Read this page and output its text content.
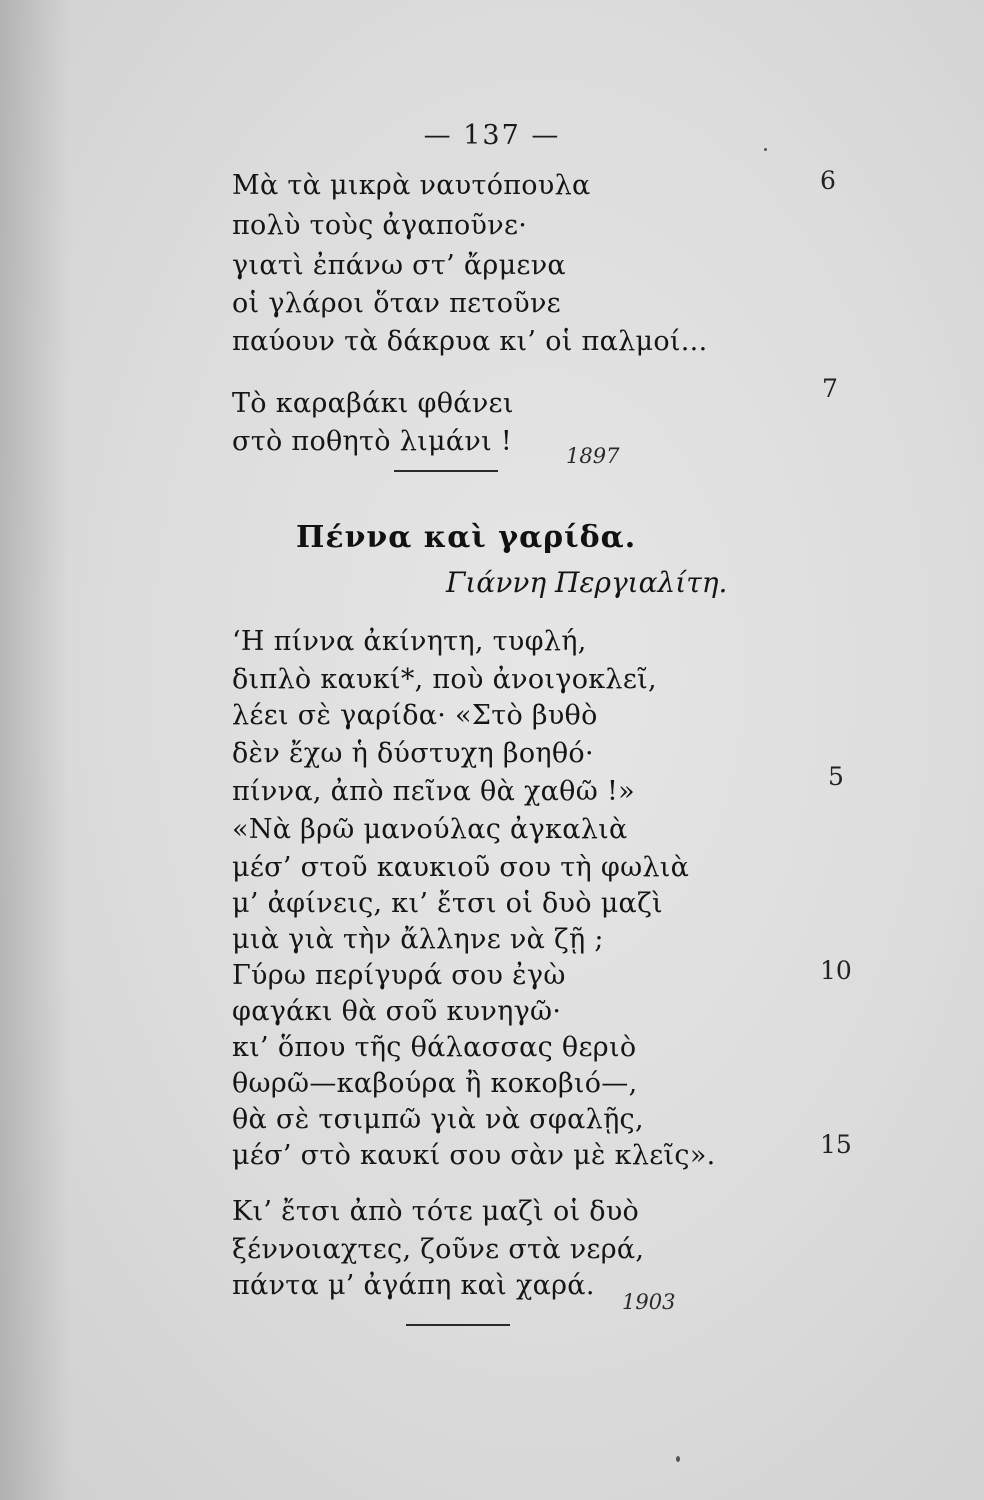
— 137 —
Μὰ τὰ μικρὰ ναυτόπουλα
πολὺ τοὺς ἀγαποῦνε·
γιατὶ ἐπάνω στ’ ἄρμενα
οἱ γλάροι ὅταν πετοῦνε
παύουν τὰ δάκρυα κι’ οἱ παλμοί...
Τὸ καραβάκι φθάνει
στὸ ποθητὸ λιμάνι !
6
7
1897
Πέννα καὶ γαρίδα.
Γιάννη Περγιαλίτη.
‘Η πίννα ἀκίνητη, τυφλή,
διπλὸ καυκί*, ποὺ ἀνοιγοκλεῖ,
λέει σὲ γαρίδα· «Στὸ βυθὸ
δὲν ἔχω ἡ δύστυχη βοηθό·
πίννα, ἀπὸ πεῖνα θὰ χαθῶ !»
«Νὰ βρῶ μανούλας ἀγκαλιὰ
μέσ’ στοῦ καυκιοῦ σου τὴ φωλιὰ
μ’ ἀφίνεις, κι’ ἔτσι οἱ δυὸ μαζὶ
μιὰ γιὰ τὴν ἄλληνε νὰ ζῇ ;
Γύρω περίγυρά σου ἐγὼ
φαγάκι θὰ σοῦ κυνηγῶ·
κι’ ὅπου τῆς θάλασσας θεριὸ
θωρῶ—καβούρα ἢ κοκοβιό—,
θὰ σὲ τσιμπῶ γιὰ νὰ σφαλῇς,
μέσ’ στὸ καυκί σου σὰν μὲ κλεῖς».
5
10
15
Κι’ ἔτσι ἀπὸ τότε μαζὶ οἱ δυὸ
ξέννοιαχτες, ζοῦνε στὰ νερά,
πάντα μ’ ἀγάπη καὶ χαρά.
1903
